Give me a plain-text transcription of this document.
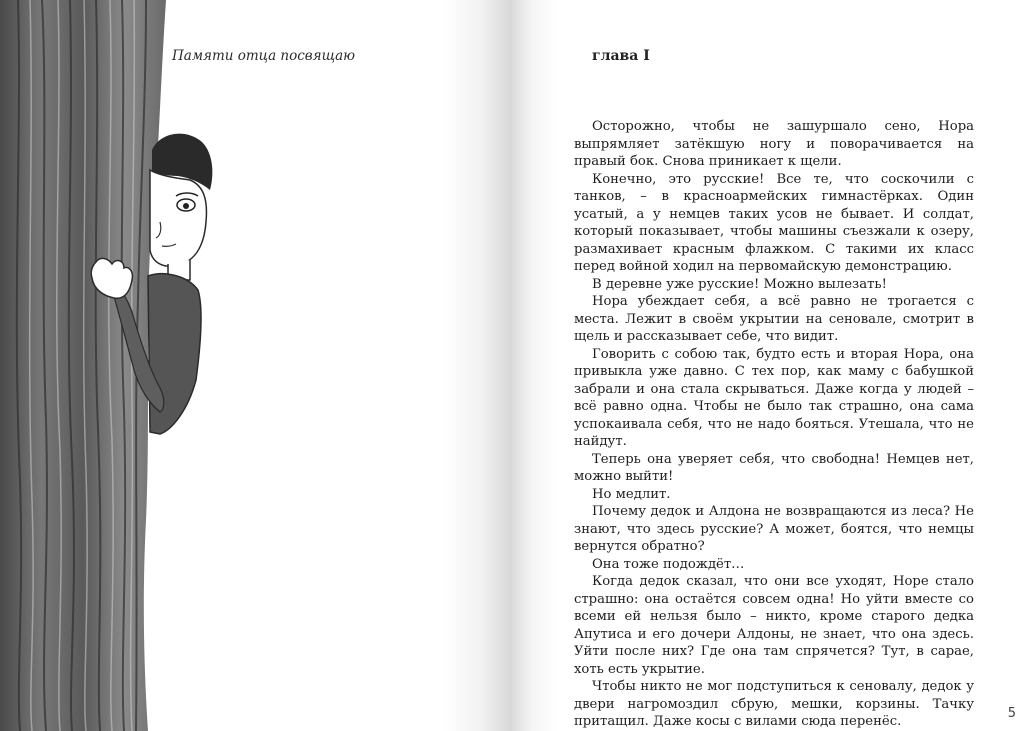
Памяти отца посвящаю	глава I

Осторожно, чтобы не зашуршало сено, Нора выпрямляет затёкшую ногу и поворачивается на правый бок. Снова приникает к щели.

Конечно, это русские! Все те, что соскочили с танков, – в красноармейских гимнастёрках. Один усатый, а у немцев таких усов не бывает. И солдат, который показывает, чтобы машины съезжали к озеру, размахивает красным флажком. С такими их класс перед войной ходил на первомайскую демонстрацию.

В деревне уже русские! Можно вылезать!

Нора убеждает себя, а всё равно не трогается с места. Лежит в своём укрытии на сеновале, смотрит в щель и рассказывает себе, что видит.

Говорить с собою так, будто есть и вторая Нора, она привыкла уже давно. С тех пор, как маму с бабушкой забрали и она стала скрываться. Даже когда у людей – всё равно одна. Чтобы не было так страшно, она сама успокаивала себя, что не надо бояться. Утешала, что не найдут.

Теперь она уверяет себя, что свободна! Немцев нет, можно выйти!

Но медлит.

Почему дедок и Алдона не возвращаются из леса? Не знают, что здесь русские? А может, боятся, что немцы вернутся обратно?

Она тоже подождёт…

Когда дедок сказал, что они все уходят, Норе стало страшно: она остаётся совсем одна! Но уйти вместе со всеми ей нельзя было – никто, кроме старого дедка Апутиса и его дочери Алдоны, не знает, что она здесь. Уйти после них? Где она там спрячется? Тут, в сарае, хоть есть укрытие.

Чтобы никто не мог подступиться к сеновалу, дедок у двери нагромоздил сбрую, мешки, корзины. Тачку притащил. Даже косы с вилами сюда перенёс.

5
